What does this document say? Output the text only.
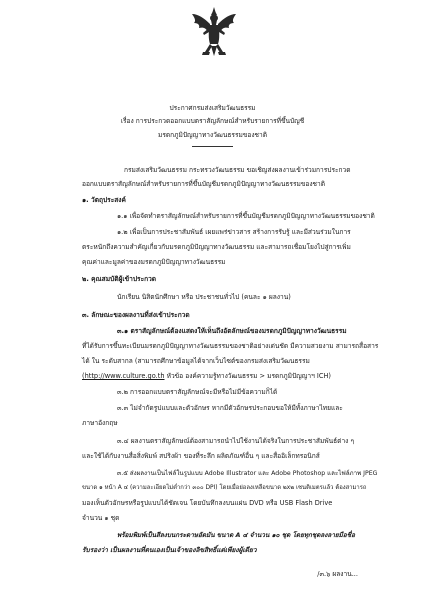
ประกาศกรมส่งเสริมวัฒนธรรม
เรื่อง การประกวดออกแบบตราสัญลักษณ์สำหรับรายการที่ขึ้นบัญชี
มรดกภูมิปัญญาทางวัฒนธรรมของชาติ
กรมส่งเสริมวัฒนธรรม กระทรวงวัฒนธรรม ขอเชิญส่งผลงานเข้าร่วมการประกวด
ออกแบบตราสัญลักษณ์สำหรับรายการที่ขึ้นบัญชีมรดกภูมิปัญญาทางวัฒนธรรมของชาติ
๑. วัตถุประสงค์
๑.๑ เพื่อจัดทำตราสัญลักษณ์สำหรับรายการที่ขึ้นบัญชีมรดกภูมิปัญญาทางวัฒนธรรมของชาติ
๑.๒ เพื่อเป็นการประชาสัมพันธ์ เผยแพร่ข่าวสาร สร้างการรับรู้ และมีส่วนร่วมในการ
ตระหนักถึงความสำคัญเกี่ยวกับมรดกภูมิปัญญาทางวัฒนธรรม และสามารถเชื่อมโยงไปสู่การเพิ่ม
คุณค่าและมูลค่าของมรดกภูมิปัญญาทางวัฒนธรรม
๒. คุณสมบัติผู้เข้าประกวด
นักเรียน นิสิตนักศึกษา หรือ ประชาชนทั่วไป (คนละ ๑ ผลงาน)
๓. ลักษณะของผลงานที่ส่งเข้าประกวด
๓.๑ ตราสัญลักษณ์ต้องแสดงให้เห็นถึงอัตลักษณ์ของมรดกภูมิปัญญาทางวัฒนธรรม
ที่ได้รับการขึ้นทะเบียนมรดกภูมิปัญญาทางวัฒนธรรมของชาติอย่างเด่นชัด มีความสวยงาม สามารถสื่อสาร
ได้ ใน ระดับสากล (สามารถศึกษาข้อมูลได้จากเว็บไซต์ของกรมส่งเสริมวัฒนธรรม
(http://www.culture.go.th หัวข้อ องค์ความรู้ทางวัฒนธรรม > มรดกภูมิปัญญาฯ ICH)
๓.๒ การออกแบบตราสัญลักษณ์จะมีหรือไม่มีข้อความก็ได้
๓.๓ ไม่จำกัดรูปแบบและตัวอักษร หากมีตัวอักษรประกอบขอให้มีทั้งภาษาไทยและ
ภาษาอังกฤษ
๓.๔ ผลงานตราสัญลักษณ์ต้องสามารถนำไปใช้งานได้จริงในการประชาสัมพันธ์ต่าง ๆ
และใช้ได้กับงานสื่อสิ่งพิมพ์ สปริงผ้า ของที่ระลึก ผลิตภัณฑ์อื่น ๆ และสื่ออิเล็กทรอนิกส์
๓.๕ ส่งผลงานเป็นไฟล์ในรูปแบบ Adobe Illustrator และ Adobe Photoshop และไฟล์ภาพ JPEG
ขนาด ๑ หน้า A ๔ (ความละเอียดไม่ต่ำกว่า ๓๐๐ DPI) โดยเมื่อย่อลงเหลือขนาด ๒x๒ เซนติเมตรแล้ว ต้องสามารถ
มองเห็นตัวอักษรหรือรูปแบบได้ชัดเจน โดยบันทึกลงบนแผ่น DVD หรือ USB Flash Drive
จำนวน ๑ ชุด
พร้อมพิมพ์เป็นสีลงบนกระดาษอัดมัน ขนาด A ๔ จำนวน ๑๐ ชุด โดยทุกชุดลงลายมือชื่อ
รับรองว่า เป็นผลงานที่ตนเองเป็นเจ้าของลิขสิทธิ์แต่เพียงผู้เดียว
/๓.๖ ผลงาน...
